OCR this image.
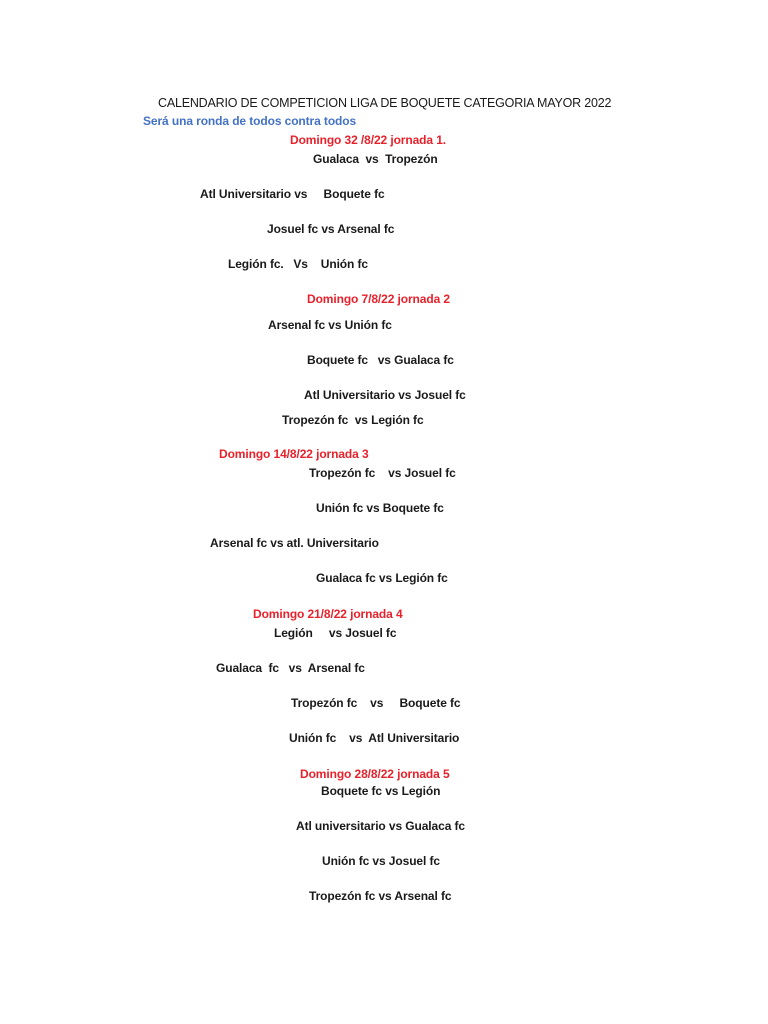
CALENDARIO DE COMPETICION LIGA DE BOQUETE CATEGORIA MAYOR 2022
Será una ronda de todos contra todos
Domingo 32 /8/22 jornada 1.
Gualaca  vs  Tropezón
Atl Universitario vs     Boquete fc
Josuel fc vs Arsenal fc
Legión fc.   Vs    Unión fc
Domingo 7/8/22 jornada 2
Arsenal fc vs Unión fc
Boquete fc   vs Gualaca fc
Atl Universitario vs Josuel fc
Tropezón fc  vs Legión fc
Domingo 14/8/22 jornada 3
Tropezón fc    vs Josuel fc
Unión fc vs Boquete fc
Arsenal fc vs atl. Universitario
Gualaca fc vs Legión fc
Domingo 21/8/22 jornada 4
Legión     vs Josuel fc
Gualaca  fc   vs  Arsenal fc
Tropezón fc    vs     Boquete fc
Unión fc    vs  Atl Universitario
Domingo 28/8/22 jornada 5
Boquete fc vs Legión
Atl universitario vs Gualaca fc
Unión fc vs Josuel fc
Tropezón fc vs Arsenal fc
